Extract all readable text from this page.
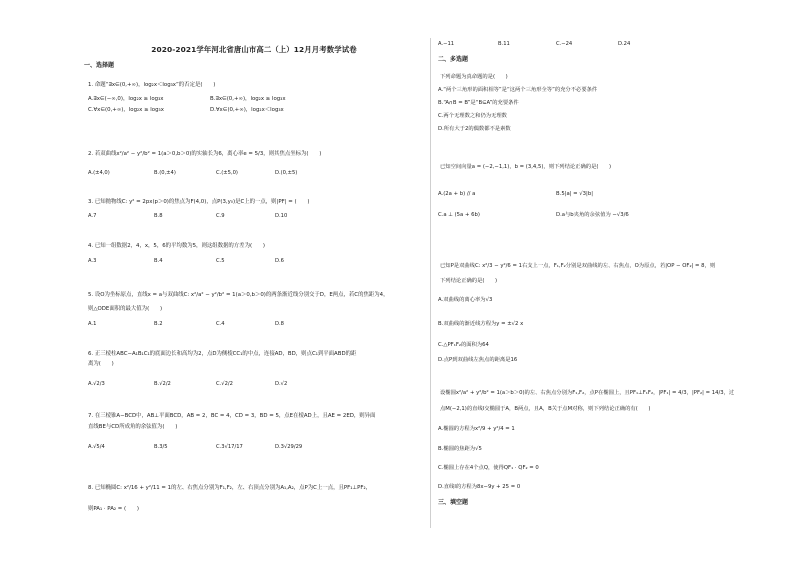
2020-2021学年河北省唐山市高二（上）12月月考数学试卷
一、选择题
1. 命题“∃x∈(0,+∞)，log₂x＜log₃x”的否定是(　　)
A.∃x∈(−∞,0)，log₂x ≥ log₃x	B.∃x∈(0,+∞)，log₂x ≥ log₃x
C.∀x∈(0,+∞)，log₂x ≥ log₃x	D.∀x∈(0,+∞)，log₂x＜log₃x
2. 若双曲线x²/a² − y²/b² = 1(a＞0,b＞0)的实轴长为6，离心率e = 5/3，则其焦点坐标为(　　)
A.(±4,0)	B.(0,±4)	C.(±5,0)	D.(0,±5)
3. 已知抛物线C: y² = 2px(p＞0)的焦点为F(4,0)，点P(3,y₀)是C上的一点，则|PF| = (　　)
A.7	B.8	C.9	D.10
4. 已知一组数据2，4，x，5，6的平均数为5，则这组数据的方差为(　　)
A.3	B.4	C.5	D.6
5. 设O为坐标原点，直线x = a与双曲线C: x²/a² − y²/b² = 1(a＞0,b＞0)的两条渐近线分别交于D，E两点，若C的焦距为4，
则△ODE面积的最大值为(　　)
A.1	B.2	C.4	D.8
6. 正三棱柱ABC−A₁B₁C₁的底面边长和高均为2，点D为侧棱CC₁的中点，连接AD，BD，则点C₁到平面ABD的距
离为(　　)
A.√2/3	B.√2/2	C.√2/2	D.√2
7. 在三棱锥A−BCD中，AB⊥平面BCD，AB = 2，BC = 4，CD = 3，BD = 5，点E在棱AD上，且AE = 2ED，则异面
直线BE与CD所成角的余弦值为(　　)
A.√5/4	B.3/5	C.3√17/17	D.3√29/29
8. 已知椭圆C: x²/16 + y²/11 = 1的左、右焦点分别为F₁,F₂，左、右顶点分别为A₁,A₂，点P为C上一点，且PF₁⊥PF₂，
则PA₁ · PA₂ = (　　)
A.−11	B.11	C.−24	D.24
二、多选题
下列命题为真命题的是(　　)
A.“两个三角形的面积相等”是“这两个三角形全等”的充分不必要条件
B.“A∩B = B”是“B⊆A”的充要条件
C.两个无理数之和仍为无理数
D.所有大于2的偶数都不是素数
已知空间向量a = (−2,−1,1)，b = (3,4,5)，则下列结论正确的是(　　)
A.(2a + b) // a	B.5|a| = √3|b|
C.a ⊥ (5a + 6b)	D.a与b夹角的余弦值为 −√3/6
已知P是双曲线C: x²/3 − y²/6 = 1右支上一点，F₁,F₂分别是双曲线的左、右焦点，O为原点，若|OP − OF₂| = 8，则
下列结论正确的是(　　)
A.双曲线的离心率为√3
B.双曲线的渐近线方程为y = ±√2 x
C.△PF₁F₂的面积为64
D.点P到双曲线左焦点的距离是16
设椭圆x²/a² + y²/b² = 1(a＞b＞0)的左、右焦点分别为F₁,F₂，点P在椭圆上，且PF₁⊥F₁F₂，|PF₁| = 4/3，|PF₂| = 14/3，过
点M(−2,1)的直线l交椭圆于A，B两点，且A，B关于点M对称，则下列结论正确的有(　　)
A.椭圆的方程为x²/9 + y²/4 = 1
B.椭圆的焦距为√5
C.椭圆上存在4个点Q，使得QF₁ · QF₂ = 0
D.直线l的方程为8x−9y + 25 = 0
三、填空题
